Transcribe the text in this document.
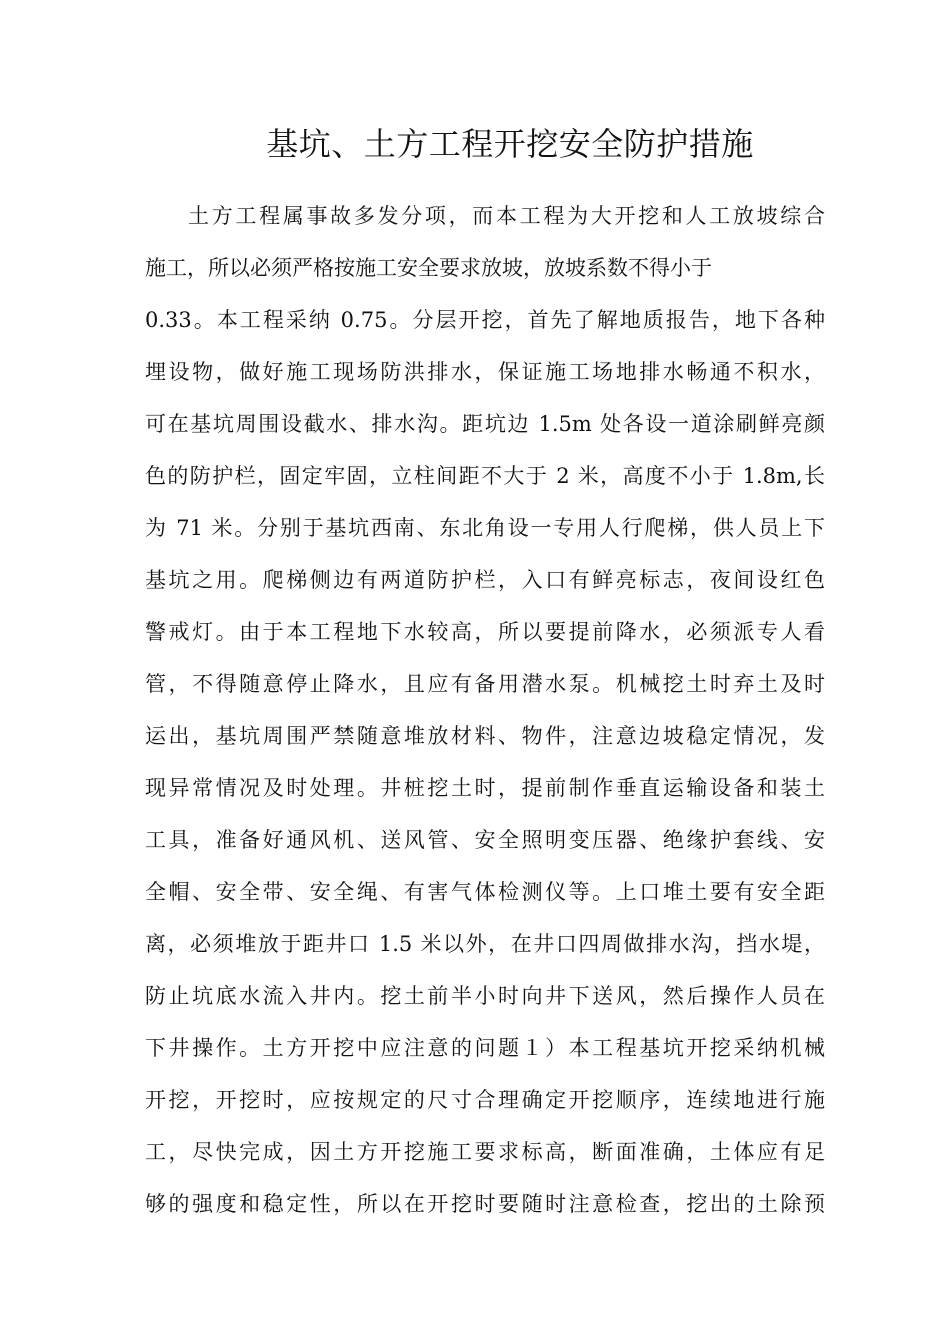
基坑、土方工程开挖安全防护措施
土方工程属事故多发分项，而本工程为大开挖和人工放坡综合
施工，所以必须严格按施工安全要求放坡，放坡系数不得小于
0.33。本工程采纳 0.75。分层开挖，首先了解地质报告，地下各种
埋设物，做好施工现场防洪排水，保证施工场地排水畅通不积水，
可在基坑周围设截水、排水沟。距坑边 1.5m 处各设一道涂刷鲜亮颜
色的防护栏，固定牢固，立柱间距不大于 2 米，高度不小于 1.8m,长
为 71 米。分别于基坑西南、东北角设一专用人行爬梯，供人员上下
基坑之用。爬梯侧边有两道防护栏，入口有鲜亮标志，夜间设红色
警戒灯。由于本工程地下水较高，所以要提前降水，必须派专人看
管，不得随意停止降水，且应有备用潜水泵。机械挖土时弃土及时
运出，基坑周围严禁随意堆放材料、物件，注意边坡稳定情况，发
现异常情况及时处理。井桩挖土时，提前制作垂直运输设备和装土
工具，准备好通风机、送风管、安全照明变压器、绝缘护套线、安
全帽、安全带、安全绳、有害气体检测仪等。上口堆土要有安全距
离，必须堆放于距井口 1.5 米以外，在井口四周做排水沟，挡水堤，
防止坑底水流入井内。挖土前半小时向井下送风，然后操作人员在
下井操作。土方开挖中应注意的问题１）本工程基坑开挖采纳机械
开挖，开挖时，应按规定的尺寸合理确定开挖顺序，连续地进行施
工，尽快完成，因土方开挖施工要求标高，断面准确，土体应有足
够的强度和稳定性，所以在开挖时要随时注意检查，挖出的土除预
